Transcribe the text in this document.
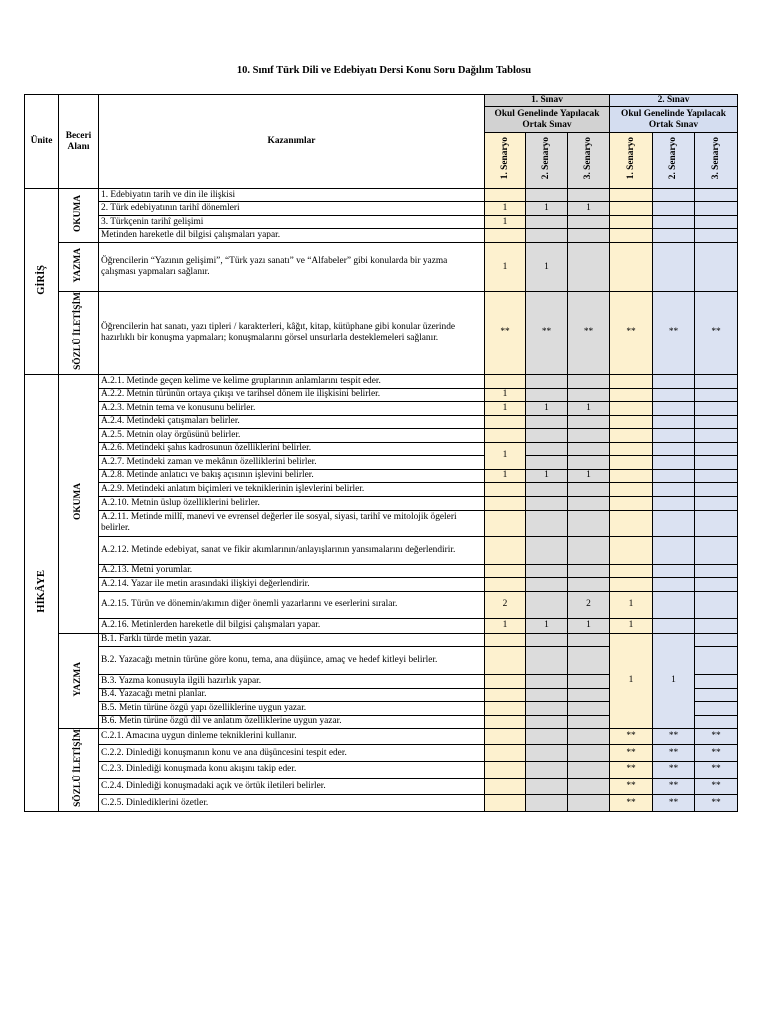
10. Sınıf Türk Dili ve Edebiyatı Dersi Konu Soru Dağılım Tablosu
Ünite	Beceri Alanı	Kazanımlar	1. Sınav			2. Sınav		
			Okul Genelinde Yapılacak Ortak Sınav			Okul Genelinde Yapılacak Ortak Sınav		
			1. Senaryo	2. Senaryo	3. Senaryo	1. Senaryo	2. Senaryo	3. Senaryo

GİRİŞ	OKUMA	1. Edebiyatın tarih ve din ile ilişkisi						
		2. Türk edebiyatının tarihî dönemleri	1	1	1			
		3. Türkçenin tarihî gelişimi	1					
		Metinden hareketle dil bilgisi çalışmaları yapar.						
	YAZMA	Öğrencilerin “Yazının gelişimi”, “Türk yazı sanatı” ve “Alfabeler” gibi konularda bir yazma çalışması yapmaları sağlanır.	1	1				
	SÖZLÜ İLETİŞİM	Öğrencilerin hat sanatı, yazı tipleri / karakterleri, kâğıt, kitap, kütüphane gibi konular üzerinde hazırlıklı bir konuşma yapmaları; konuşmalarını görsel unsurlarla desteklemeleri sağlanır.	**	**	**	**	**	**
HİKÂYE	OKUMA	A.2.1. Metinde geçen kelime ve kelime gruplarının anlamlarını tespit eder.						
		A.2.2. Metnin türünün ortaya çıkışı ve tarihsel dönem ile ilişkisini belirler.	1					
		A.2.3. Metnin tema ve konusunu belirler.	1	1	1			
		A.2.4. Metindeki çatışmaları belirler.						
		A.2.5. Metnin olay örgüsünü belirler.						
		A.2.6. Metindeki şahıs kadrosunun özelliklerini belirler.	1					
		A.2.7. Metindeki zaman ve mekânın özelliklerini belirler.						
		A.2.8. Metinde anlatıcı ve bakış açısının işlevini belirler.	1	1	1			
		A.2.9. Metindeki anlatım biçimleri ve tekniklerinin işlevlerini belirler.						
		A.2.10. Metnin üslup özelliklerini belirler.						
		A.2.11. Metinde millî, manevi ve evrensel değerler ile sosyal, siyasi, tarihî ve mitolojik ögeleri belirler.						
		A.2.12. Metinde edebiyat, sanat ve fikir akımlarının/anlayışlarının yansımalarını değerlendirir.						
		A.2.13. Metni yorumlar.						
		A.2.14. Yazar ile metin arasındaki ilişkiyi değerlendirir.						
		A.2.15. Türün ve dönemin/akımın diğer önemli yazarlarını ve eserlerini sıralar.	2		2	1		
		A.2.16. Metinlerden hareketle dil bilgisi çalışmaları yapar.	1	1	1	1		
	YAZMA	B.1. Farklı türde metin yazar.				1	1	
		B.2. Yazacağı metnin türüne göre konu, tema, ana düşünce, amaç ve hedef kitleyi belirler.						
		B.3. Yazma konusuyla ilgili hazırlık yapar.						
		B.4. Yazacağı metni planlar.						
		B.5. Metin türüne özgü yapı özelliklerine uygun yazar.						
		B.6. Metin türüne özgü dil ve anlatım özelliklerine uygun yazar.						
	SÖZLÜ İLETİŞİM	C.2.1. Amacına uygun dinleme tekniklerini kullanır.				**	**	**
		C.2.2. Dinlediği konuşmanın konu ve ana düşüncesini tespit eder.				**	**	**
		C.2.3. Dinlediği konuşmada konu akışını takip eder.				**	**	**
		C.2.4. Dinlediği konuşmadaki açık ve örtük iletileri belirler.				**	**	**
		C.2.5. Dinlediklerini özetler.				**	**	**
